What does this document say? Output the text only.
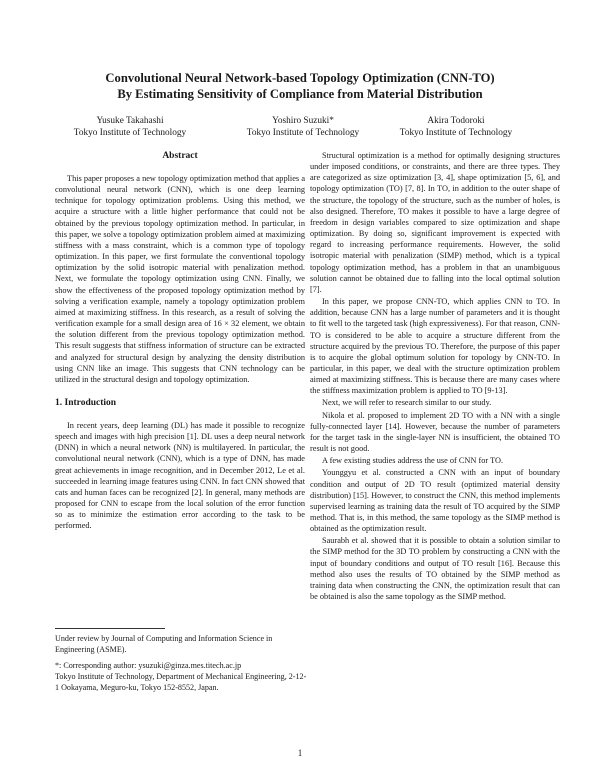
Convolutional Neural Network-based Topology Optimization (CNN-TO)
By Estimating Sensitivity of Compliance from Material Distribution
Yusuke Takahashi
Tokyo Institute of Technology
Yoshiro Suzuki*
Tokyo Institute of Technology
Akira Todoroki
Tokyo Institute of Technology
Abstract

This paper proposes a new topology optimization method that applies a convolutional neural network (CNN), which is one deep learning technique for topology optimization problems. Using this method, we acquire a structure with a little higher performance that could not be obtained by the previous topology optimization method. In particular, in this paper, we solve a topology optimization problem aimed at maximizing stiffness with a mass constraint, which is a common type of topology optimization. In this paper, we first formulate the conventional topology optimization by the solid isotropic material with penalization method. Next, we formulate the topology optimization using CNN. Finally, we show the effectiveness of the proposed topology optimization method by solving a verification example, namely a topology optimization problem aimed at maximizing stiffness. In this research, as a result of solving the verification example for a small design area of 16 × 32 element, we obtain the solution different from the previous topology optimization method. This result suggests that stiffness information of structure can be extracted and analyzed for structural design by analyzing the density distribution using CNN like an image. This suggests that CNN technology can be utilized in the structural design and topology optimization.

1. Introduction

In recent years, deep learning (DL) has made it possible to recognize speech and images with high precision [1]. DL uses a deep neural network (DNN) in which a neural network (NN) is multilayered. In particular, the convolutional neural network (CNN), which is a type of DNN, has made great achievements in image recognition, and in December 2012, Le et al. succeeded in learning image features using CNN. In fact CNN showed that cats and human faces can be recognized [2]. In general, many methods are proposed for CNN to escape from the local solution of the error function so as to minimize the estimation error according to the task to be performed.

Structural optimization is a method for optimally designing structures under imposed conditions, or constraints, and there are three types. They are categorized as size optimization [3, 4], shape optimization [5, 6], and topology optimization (TO) [7, 8]. In TO, in addition to the outer shape of the structure, the topology of the structure, such as the number of holes, is also designed. Therefore, TO makes it possible to have a large degree of freedom in design variables compared to size optimization and shape optimization. By doing so, significant improvement is expected with regard to increasing performance requirements. However, the solid isotropic material with penalization (SIMP) method, which is a typical topology optimization method, has a problem in that an unambiguous solution cannot be obtained due to falling into the local optimal solution [7].

In this paper, we propose CNN-TO, which applies CNN to TO. In addition, because CNN has a large number of parameters and it is thought to fit well to the targeted task (high expressiveness). For that reason, CNN-TO is considered to be able to acquire a structure different from the structure acquired by the previous TO. Therefore, the purpose of this paper is to acquire the global optimum solution for topology by CNN-TO. In particular, in this paper, we deal with the structure optimization problem aimed at maximizing stiffness. This is because there are many cases where the stiffness maximization problem is applied to TO [9-13].

Next, we will refer to research similar to our study.

Nikola et al. proposed to implement 2D TO with a NN with a single fully-connected layer [14]. However, because the number of parameters for the target task in the single-layer NN is insufficient, the obtained TO result is not good.

A few existing studies address the use of CNN for TO.

Younggyu et al. constructed a CNN with an input of boundary condition and output of 2D TO result (optimized material density distribution) [15]. However, to construct the CNN, this method implements supervised learning as training data the result of TO acquired by the SIMP method. That is, in this method, the same topology as the SIMP method is obtained as the optimization result.

Saurabh et al. showed that it is possible to obtain a solution similar to the SIMP method for the 3D TO problem by constructing a CNN with the input of boundary conditions and output of TO result [16]. Because this method also uses the results of TO obtained by the SIMP method as training data when constructing the CNN, the optimization result that can be obtained is also the same topology as the SIMP method.

Under review by Journal of Computing and Information Science in Engineering (ASME).
*: Corresponding author: ysuzuki@ginza.mes.titech.ac.jp
Tokyo Institute of Technology, Department of Mechanical Engineering, 2-12-1 Ookayama, Meguro-ku, Tokyo 152-8552, Japan.
1
